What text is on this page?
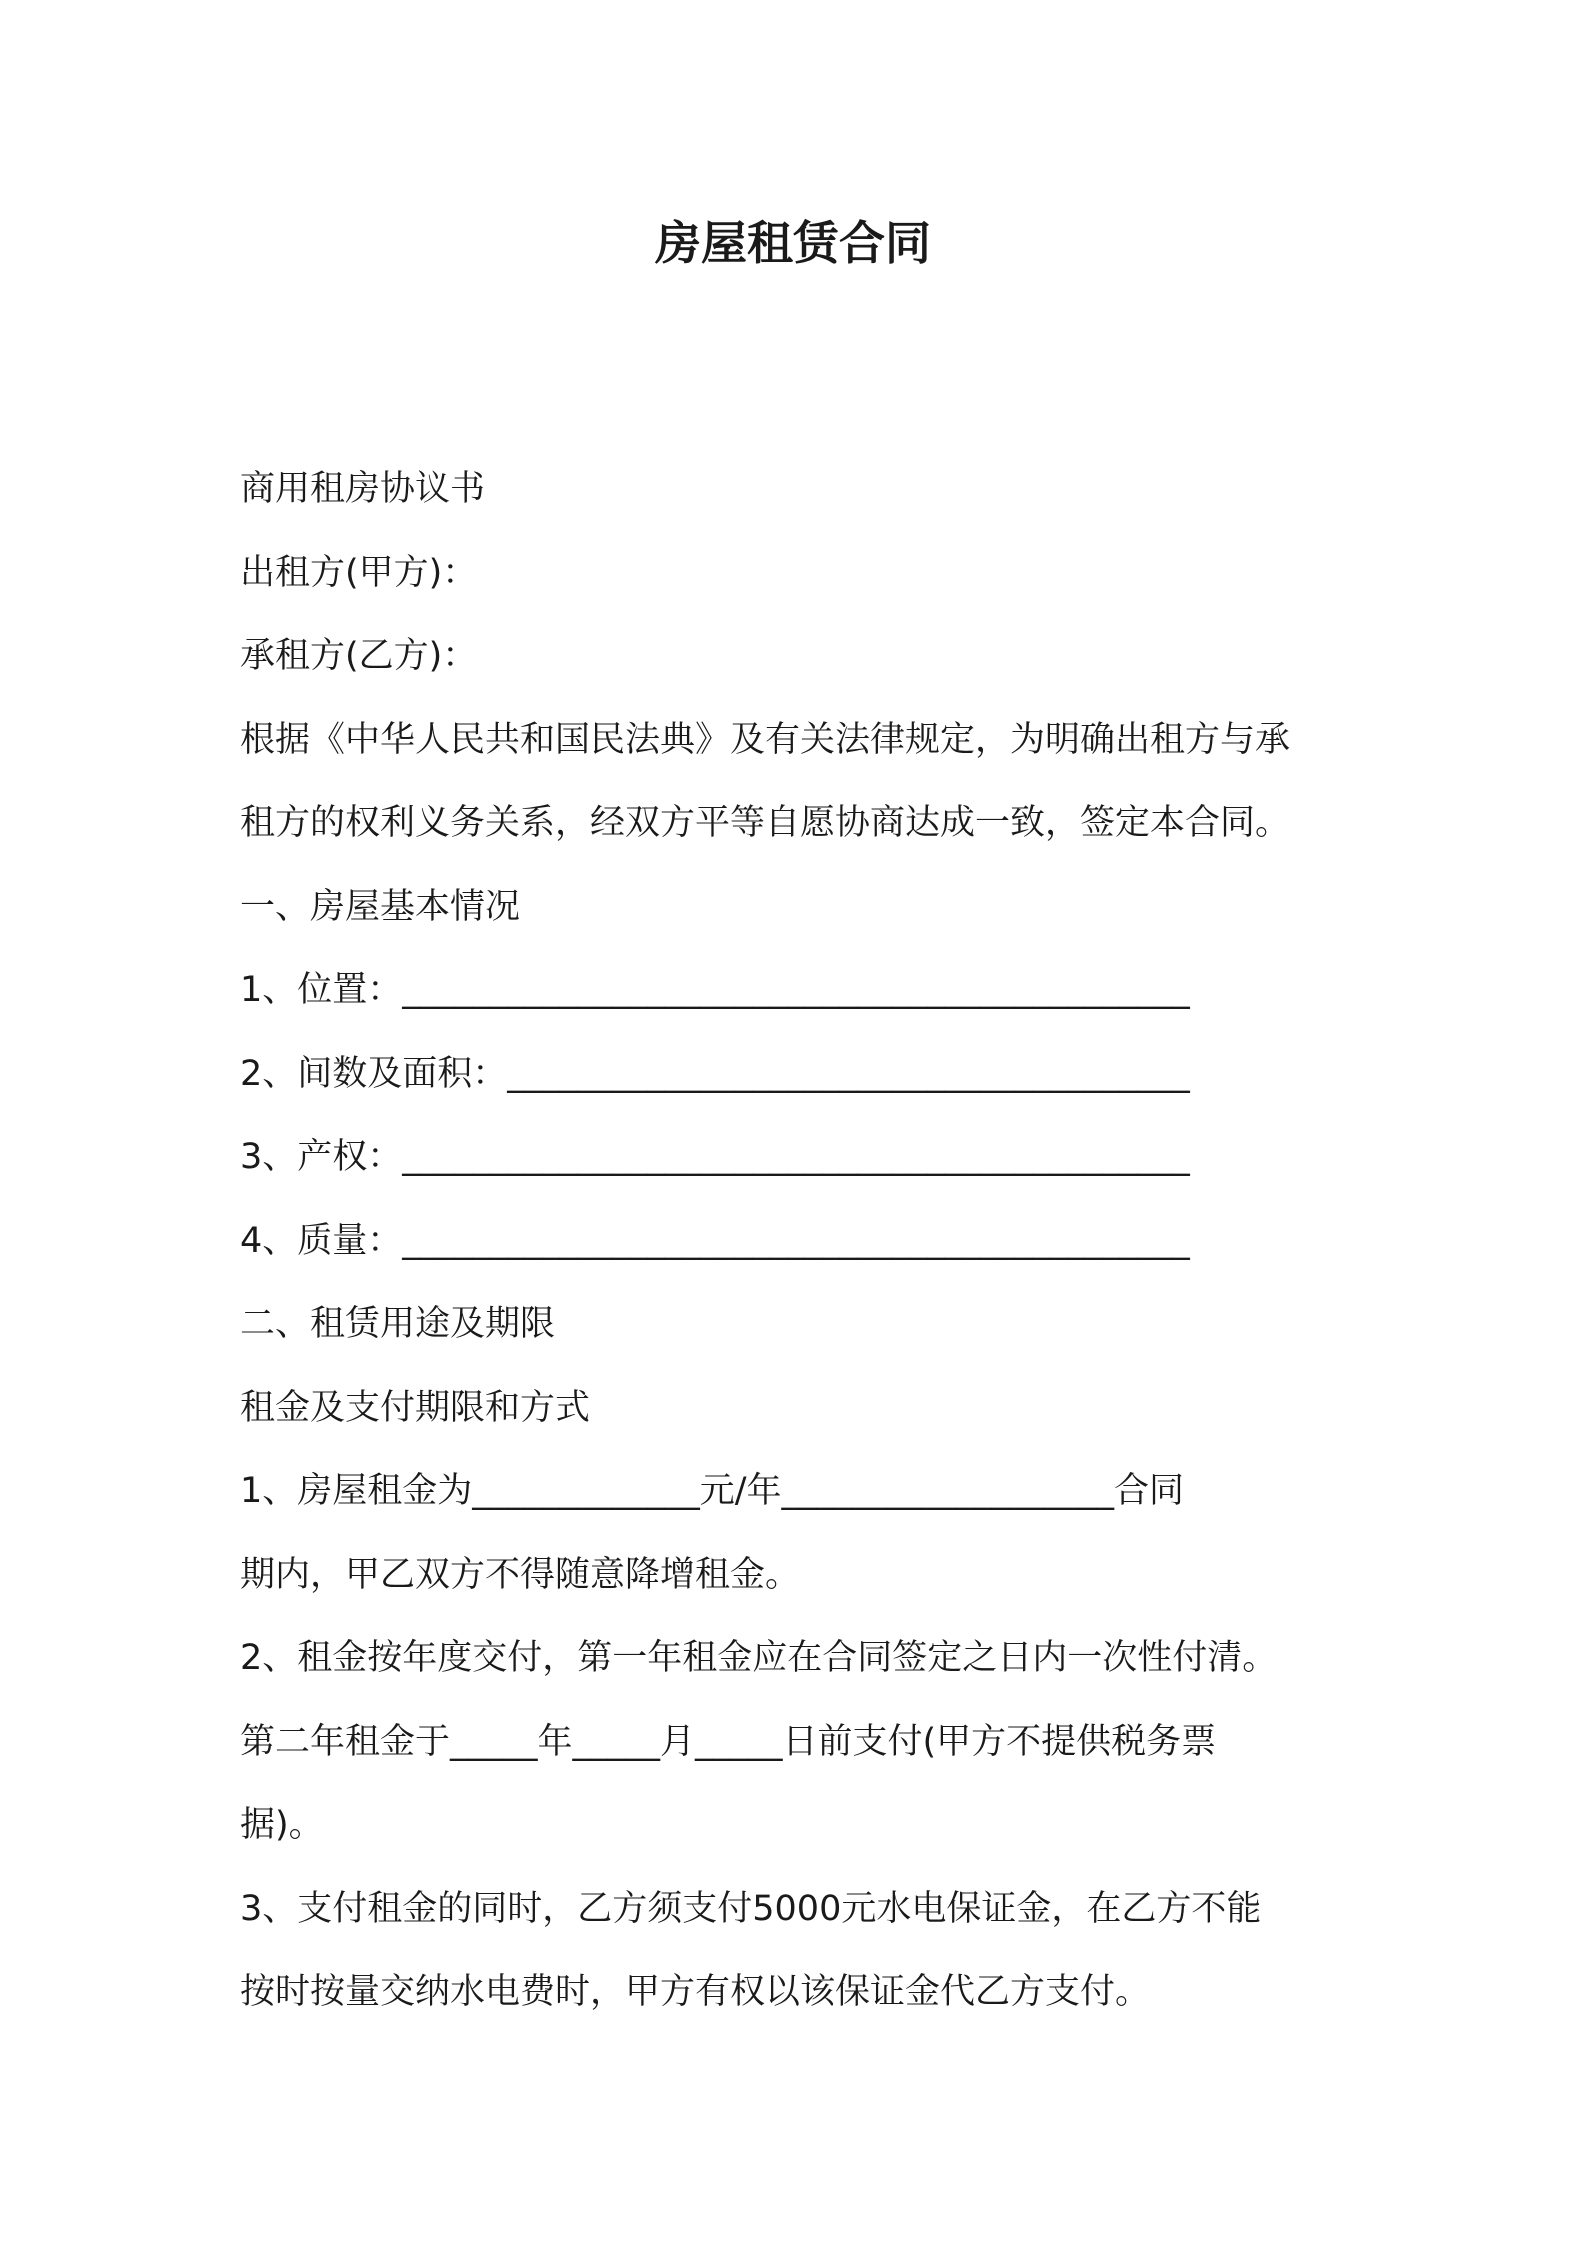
房屋租赁合同

商用租房协议书

出租方(甲方)：

承租方(乙方)：

根据《中华人民共和国民法典》及有关法律规定，为明确出租方与承

租方的权利义务关系，经双方平等自愿协商达成一致，签定本合同。

一、房屋基本情况

1、位置：_____________________________________________

2、间数及面积：_______________________________________

3、产权：_____________________________________________

4、质量：_____________________________________________

二、租赁用途及期限

租金及支付期限和方式

1、房屋租金为_____________元/年___________________合同

期内，甲乙双方不得随意降增租金。

2、租金按年度交付，第一年租金应在合同签定之日内一次性付清。

第二年租金于_____年_____月_____日前支付(甲方不提供税务票

据)。

3、支付租金的同时，乙方须支付5000元水电保证金，在乙方不能

按时按量交纳水电费时，甲方有权以该保证金代乙方支付。
